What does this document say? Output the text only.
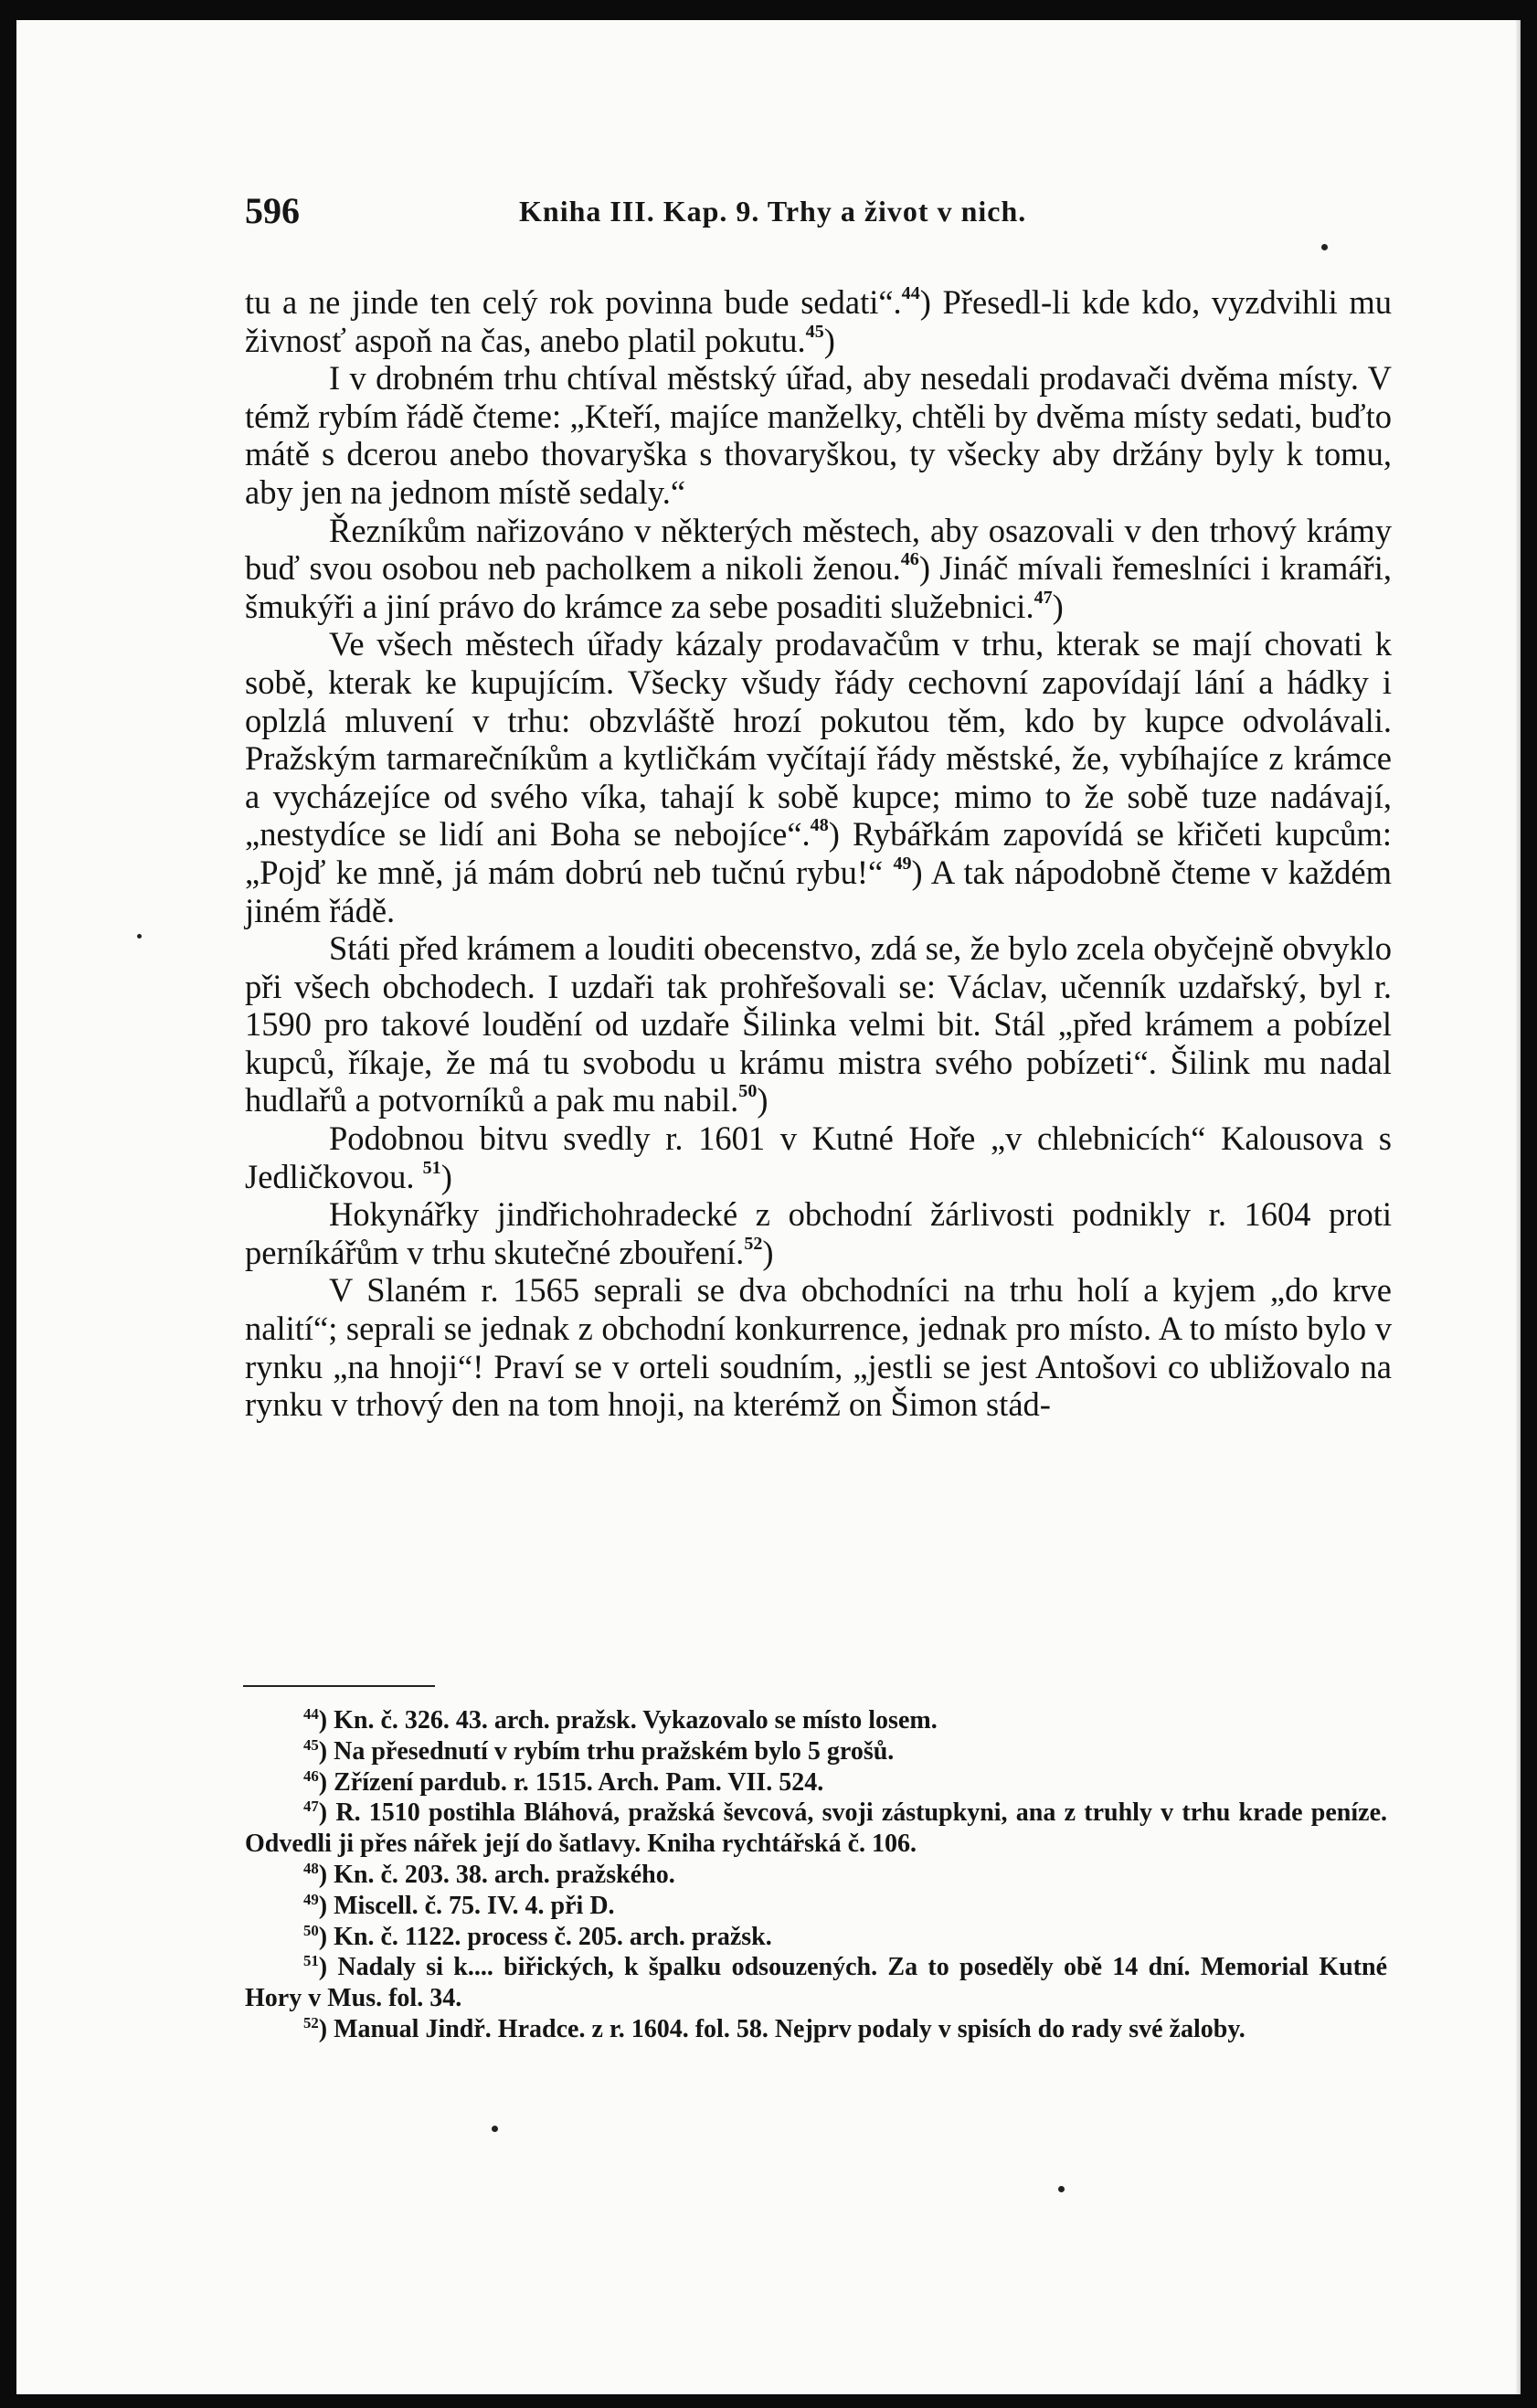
596	Kniha III. Kap. 9. Trhy a život v nich.

tu a ne jinde ten celý rok povinna bude sedati“.$^{44}$) Přesedl-li kde kdo, vyzdvihli mu živnosť aspoň na čas, anebo platil pokutu.$^{45}$)

I v drobném trhu chtíval městský úřad, aby nesedali prodavači dvěma místy. V témž rybím řádě čteme: „Kteří, majíce manželky, chtěli by dvěma místy sedati, buďto mátě s dcerou anebo thovaryška s thovaryškou, ty všecky aby držány byly k tomu, aby jen na jednom místě sedaly.“

Řezníkům nařizováno v některých městech, aby osazovali v den trhový krámy buď svou osobou neb pacholkem a nikoli ženou.$^{46}$) Jináč mívali řemeslníci i kramáři, šmukýři a jiní právo do krámce za sebe posaditi služebnici.$^{47}$)

Ve všech městech úřady kázaly prodavačům v trhu, kterak se mají chovati k sobě, kterak ke kupujícím. Všecky všudy řády cechovní zapovídají lání a hádky i oplzlá mluvení v trhu: obzvláště hrozí pokutou těm, kdo by kupce odvolávali. Pražským tarmarečníkům a kytličkám vyčítají řády městské, že, vybíhajíce z krámce a vycházejíce od svého víka, tahají k sobě kupce; mimo to že sobě tuze nadávají, „nestydíce se lidí ani Boha se nebojíce“.$^{48}$) Rybářkám zapovídá se křičeti kupcům: „Pojď ke mně, já mám dobrú neb tučnú rybu!“ $^{49}$) A tak nápodobně čteme v každém jiném řádě.

Státi před krámem a louditi obecenstvo, zdá se, že bylo zcela obyčejně obvyklo při všech obchodech. I uzdaři tak prohřešovali se: Václav, učenník uzdařský, byl r. 1590 pro takové loudění od uzdaře Šilinka velmi bit. Stál „před krámem a pobízel kupců, říkaje, že má tu svobodu u krámu mistra svého pobízeti“. Šilink mu nadal hudlařů a potvorníků a pak mu nabil.$^{50}$)

Podobnou bitvu svedly r. 1601 v Kutné Hoře „v chlebnicích“ Kalousova s Jedličkovou. $^{51}$)

Hokynářky jindřichohradecké z obchodní žárlivosti podnikly r. 1604 proti perníkářům v trhu skutečné zbouření.$^{52}$)

V Slaném r. 1565 seprali se dva obchodníci na trhu holí a kyjem „do krve nalití“; seprali se jednak z obchodní konkurrence, jednak pro místo. A to místo bylo v rynku „na hnoji“! Praví se v orteli soudním, „jestli se jest Antošovi co ubližovalo na rynku v trhový den na tom hnoji, na kterémž on Šimon stád-

$^{44}$) Kn. č. 326. 43. arch. pražsk. Vykazovalo se místo losem.

$^{45}$) Na přesednutí v rybím trhu pražském bylo 5 grošů.

$^{46}$) Zřízení pardub. r. 1515. Arch. Pam. VII. 524.

$^{47}$) R. 1510 postihla Bláhová, pražská ševcová, svoji zástupkyni, ana z truhly v trhu krade peníze. Odvedli ji přes nářek její do šatlavy. Kniha rychtářská č. 106.

$^{48}$) Kn. č. 203. 38. arch. pražského.

$^{49}$) Miscell. č. 75. IV. 4. při D.

$^{50}$) Kn. č. 1122. process č. 205. arch. pražsk.

$^{51}$) Nadaly si k.... biřických, k špalku odsouzených. Za to poseděly obě 14 dní. Memorial Kutné Hory v Mus. fol. 34.

$^{52}$) Manual Jindř. Hradce. z r. 1604. fol. 58. Nejprv podaly v spisích do rady své žaloby.
